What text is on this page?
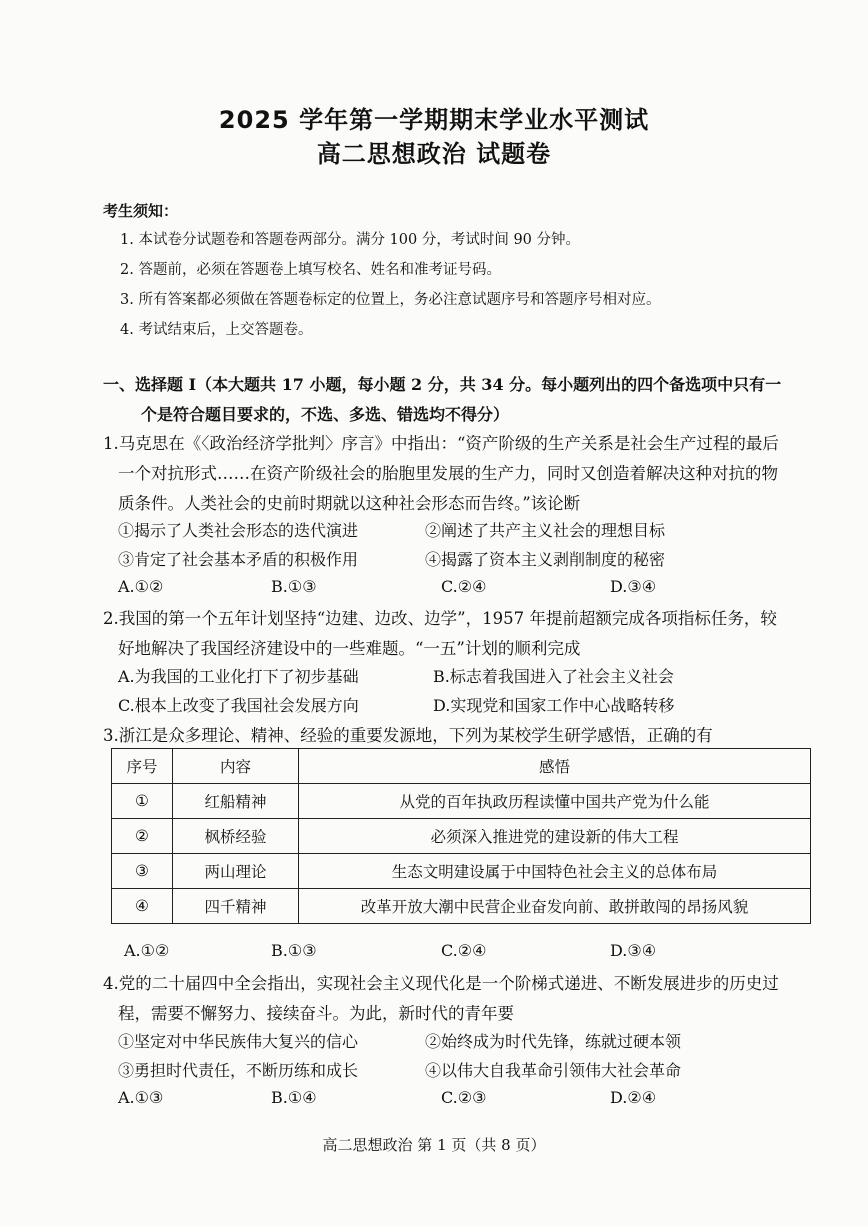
2025 学年第一学期期末学业水平测试
高二思想政治 试题卷
考生须知：
1. 本试卷分试题卷和答题卷两部分。满分 100 分，考试时间 90 分钟。
2. 答题前，必须在答题卷上填写校名、姓名和准考证号码。
3. 所有答案都必须做在答题卷标定的位置上，务必注意试题序号和答题序号相对应。
4. 考试结束后，上交答题卷。
一、选择题 Ⅰ（本大题共 17 小题，每小题 2 分，共 34 分。每小题列出的四个备选项中只有一
个是符合题目要求的，不选、多选、错选均不得分）
1.马克思在《〈政治经济学批判〉序言》中指出：“资产阶级的生产关系是社会生产过程的最后
一个对抗形式……在资产阶级社会的胎胞里发展的生产力，同时又创造着解决这种对抗的物
质条件。人类社会的史前时期就以这种社会形态而告终。”该论断
①揭示了人类社会形态的迭代演进	②阐述了共产主义社会的理想目标
③肯定了社会基本矛盾的积极作用	④揭露了资本主义剥削制度的秘密
A.①②	B.①③	C.②④	D.③④
2.我国的第一个五年计划坚持“边建、边改、边学”，1957 年提前超额完成各项指标任务，较
好地解决了我国经济建设中的一些难题。“一五”计划的顺利完成
A.为我国的工业化打下了初步基础	B.标志着我国进入了社会主义社会
C.根本上改变了我国社会发展方向	D.实现党和国家工作中心战略转移
3.浙江是众多理论、精神、经验的重要发源地，下列为某校学生研学感悟，正确的有
序号	内容	感悟
①	红船精神	从党的百年执政历程读懂中国共产党为什么能
②	枫桥经验	必须深入推进党的建设新的伟大工程
③	两山理论	生态文明建设属于中国特色社会主义的总体布局
④	四千精神	改革开放大潮中民营企业奋发向前、敢拼敢闯的昂扬风貌
A.①②	B.①③	C.②④	D.③④
4.党的二十届四中全会指出，实现社会主义现代化是一个阶梯式递进、不断发展进步的历史过
程，需要不懈努力、接续奋斗。为此，新时代的青年要
①坚定对中华民族伟大复兴的信心	②始终成为时代先锋，练就过硬本领
③勇担时代责任，不断历练和成长	④以伟大自我革命引领伟大社会革命
A.①③	B.①④	C.②③	D.②④
高二思想政治 第 1 页（共 8 页）
